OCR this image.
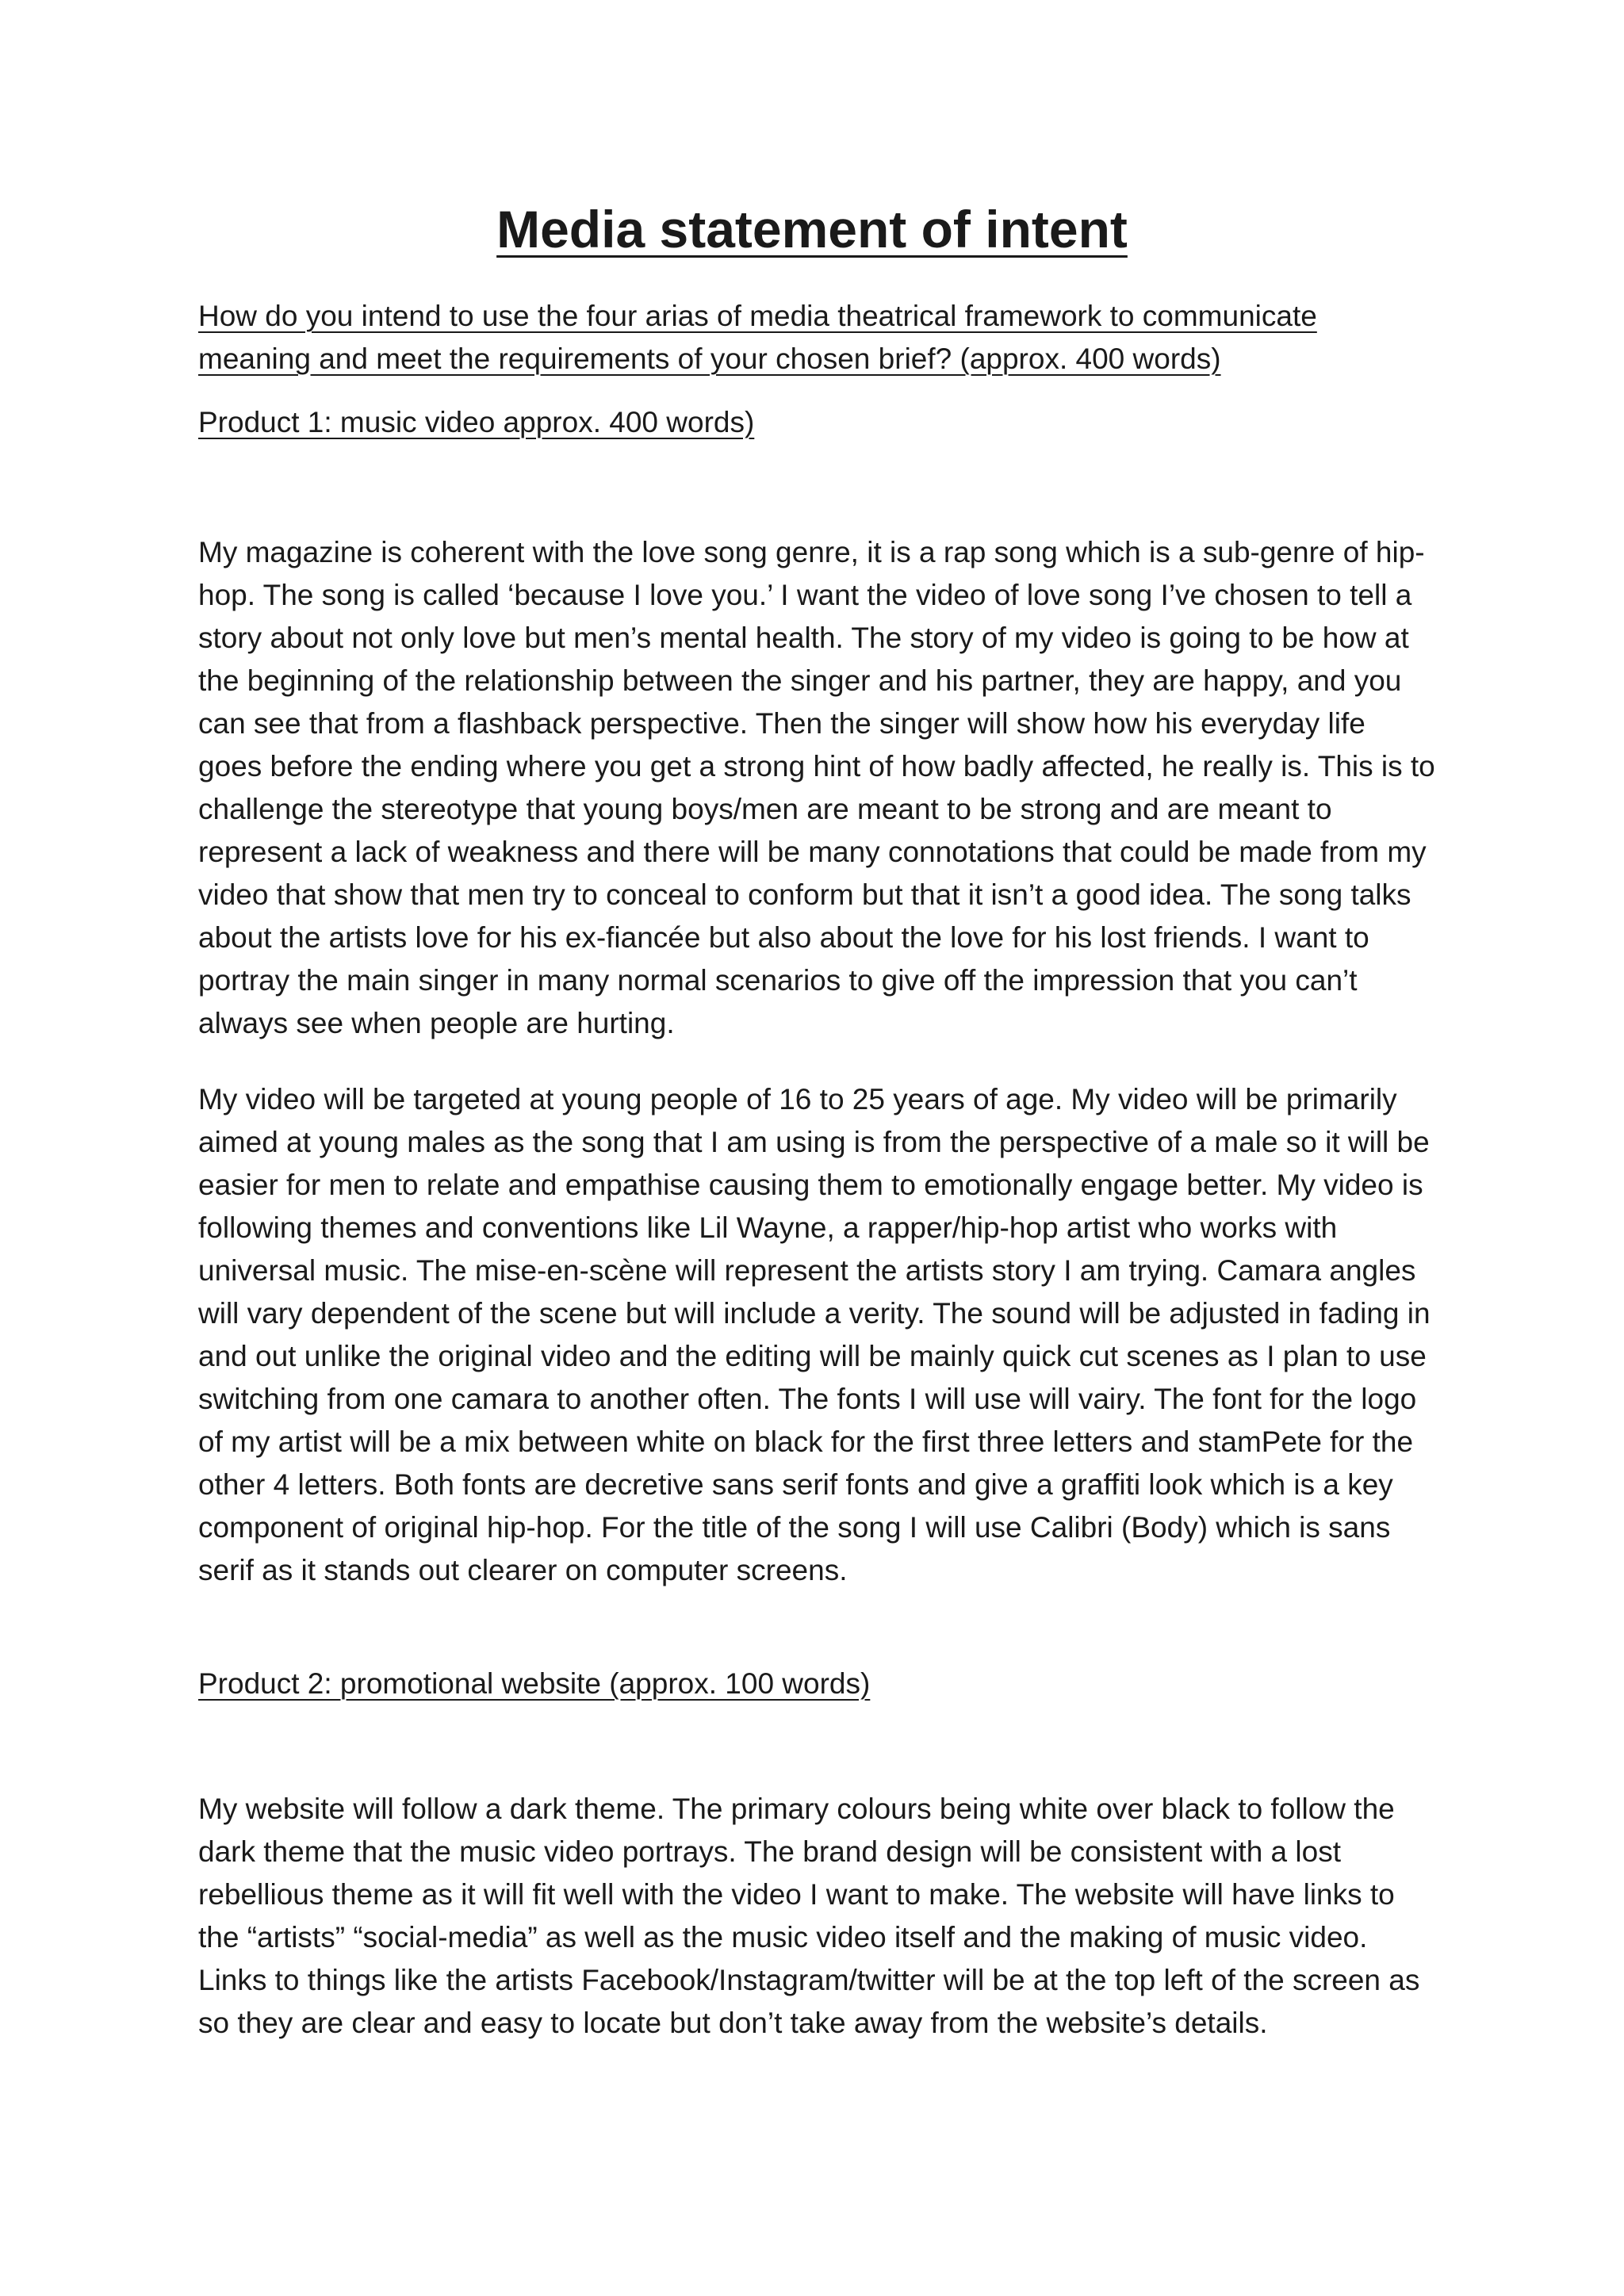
Media statement of intent

How do you intend to use the four arias of media theatrical framework to communicate meaning and meet the requirements of your chosen brief? (approx. 400 words)

Product 1: music video approx. 400 words)

My magazine is coherent with the love song genre, it is a rap song which is a sub-genre of hip-hop. The song is called ‘because I love you.’ I want the video of love song I’ve chosen to tell a story about not only love but men’s mental health. The story of my video is going to be how at the beginning of the relationship between the singer and his partner, they are happy, and you can see that from a flashback perspective. Then the singer will show how his everyday life goes before the ending where you get a strong hint of how badly affected, he really is. This is to challenge the stereotype that young boys/men are meant to be strong and are meant to represent a lack of weakness and there will be many connotations that could be made from my video that show that men try to conceal to conform but that it isn’t a good idea. The song talks about the artists love for his ex-fiancée but also about the love for his lost friends. I want to portray the main singer in many normal scenarios to give off the impression that you can’t always see when people are hurting.

My video will be targeted at young people of 16 to 25 years of age. My video will be primarily aimed at young males as the song that I am using is from the perspective of a male so it will be easier for men to relate and empathise causing them to emotionally engage better. My video is following themes and conventions like Lil Wayne, a rapper/hip-hop artist who works with universal music. The mise-en-scène will represent the artists story I am trying. Camara angles will vary dependent of the scene but will include a verity. The sound will be adjusted in fading in and out unlike the original video and the editing will be mainly quick cut scenes as I plan to use switching from one camara to another often. The fonts I will use will vairy. The font for the logo of my artist will be a mix between white on black for the first three letters and stamPete for the other 4 letters. Both fonts are decretive sans serif fonts and give a graffiti look which is a key component of original hip-hop. For the title of the song I will use Calibri (Body) which is sans serif as it stands out clearer on computer screens.

Product 2: promotional website (approx. 100 words)

My website will follow a dark theme. The primary colours being white over black to follow the dark theme that the music video portrays. The brand design will be consistent with a lost rebellious theme as it will fit well with the video I want to make. The website will have links to the “artists” “social-media” as well as the music video itself and the making of music video. Links to things like the artists Facebook/Instagram/twitter will be at the top left of the screen as so they are clear and easy to locate but don’t take away from the website’s details.
